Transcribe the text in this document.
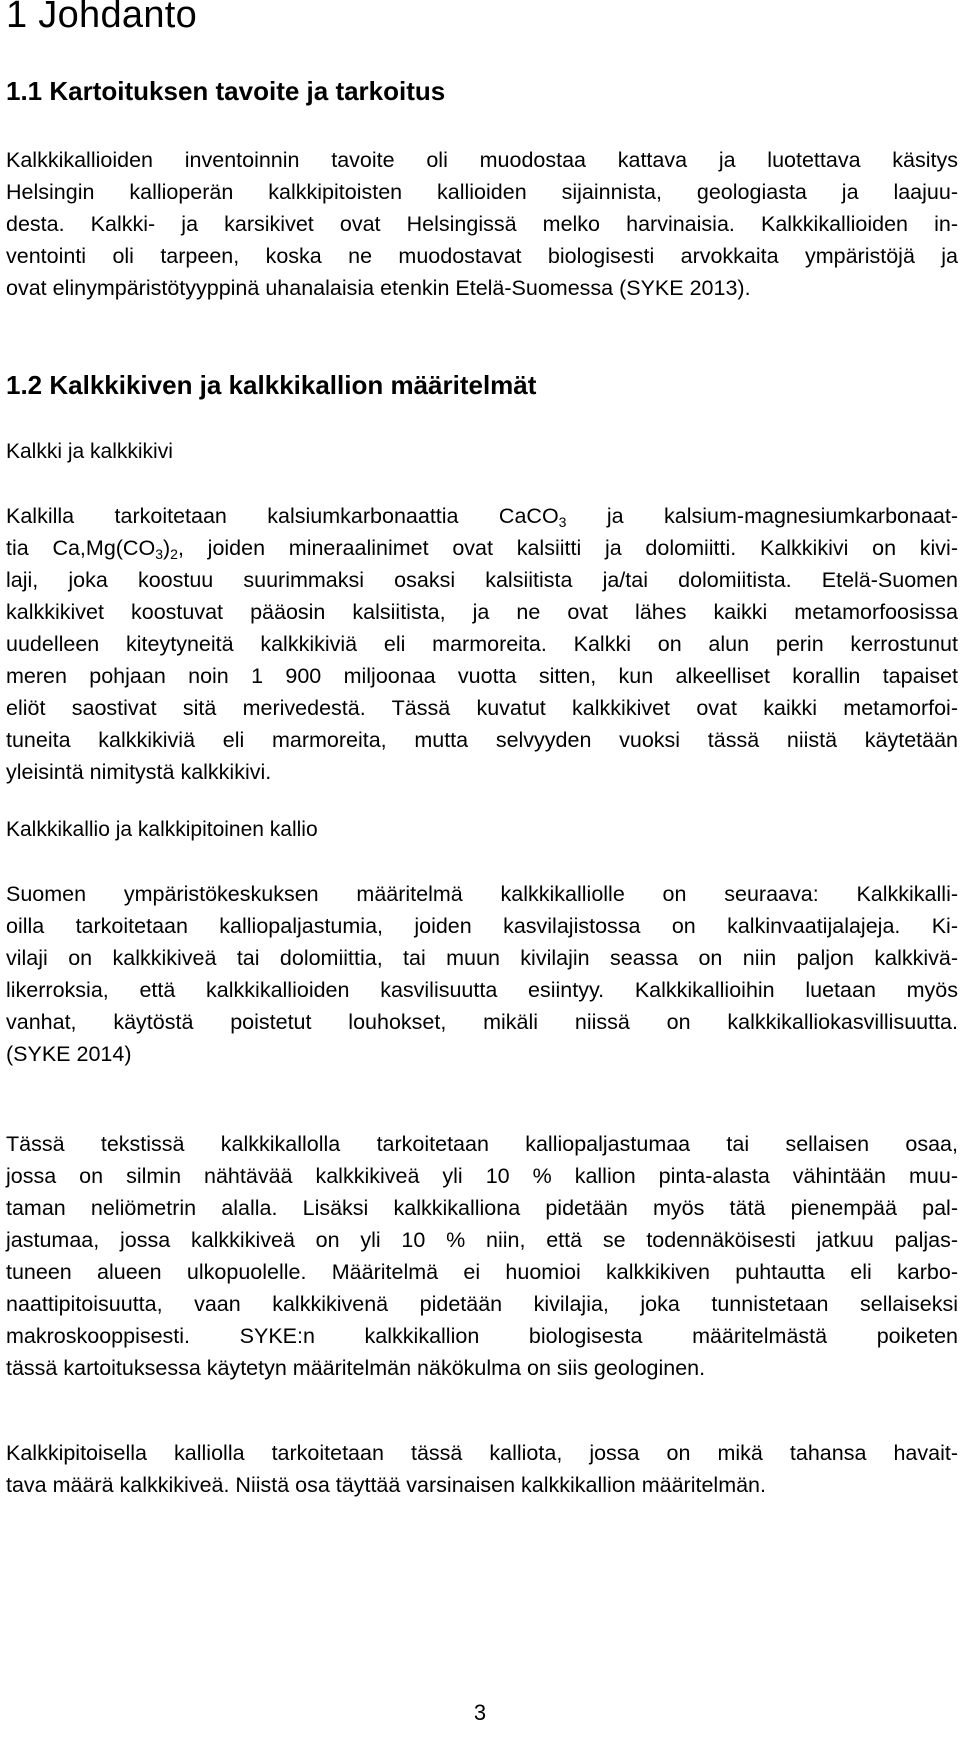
1 Johdanto
1.1 Kartoituksen tavoite ja tarkoitus
Kalkkikallioiden inventoinnin tavoite oli muodostaa kattava ja luotettava käsitys
Helsingin kallioperän kalkkipitoisten kallioiden sijainnista, geologiasta ja laajuu-
desta. Kalkki- ja karsikivet ovat Helsingissä melko harvinaisia. Kalkkikallioiden in-
ventointi oli tarpeen, koska ne muodostavat biologisesti arvokkaita ympäristöjä ja
ovat elinympäristötyyppinä uhanalaisia etenkin Etelä-Suomessa (SYKE 2013).
1.2 Kalkkikiven ja kalkkikallion määritelmät

Kalkki ja kalkkikivi

Kalkilla tarkoitetaan kalsiumkarbonaattia CaCO$_3$ ja kalsium-magnesiumkarbonaat-
tia $Ca,Mg(CO_3)_2$, joiden mineraalinimet ovat kalsiitti ja dolomiitti. Kalkkikivi on kivi-
laji, joka koostuu suurimmaksi osaksi kalsiitista ja/tai dolomiitista. Etelä-Suomen
kalkkikivet koostuvat pääosin kalsiitista, ja ne ovat lähes kaikki metamorfoosissa
uudelleen kiteytyneitä kalkkikiviä eli marmoreita. Kalkki on alun perin kerrostunut
meren pohjaan noin 1 900 miljoonaa vuotta sitten, kun alkeelliset korallin tapaiset
eliöt saostivat sitä merivedestä. Tässä kuvatut kalkkikivet ovat kaikki metamorfoi-
tuneita kalkkikiviä eli marmoreita, mutta selvyyden vuoksi tässä niistä käytetään
yleisintä nimitystä kalkkikivi.

Kalkkikallio ja kalkkipitoinen kallio

Suomen ympäristökeskuksen määritelmä kalkkikalliolle on seuraava: Kalkkikalli-
oilla tarkoitetaan kalliopaljastumia, joiden kasvilajistossa on kalkinvaatijalajeja. Ki-
vilaji on kalkkikiveä tai dolomiittia, tai muun kivilajin seassa on niin paljon kalkkivä-
likerroksia, että kalkkikallioiden kasvilisuutta esiintyy. Kalkkikallioihin luetaan myös
vanhat, käytöstä poistetut louhokset, mikäli niissä on kalkkikalliokasvillisuutta.
(SYKE 2014)
Tässä tekstissä kalkkikallolla tarkoitetaan kalliopaljastumaa tai sellaisen osaa,
jossa on silmin nähtävää kalkkikiveä yli 10 % kallion pinta-alasta vähintään muu-
taman neliömetrin alalla. Lisäksi kalkkikalliona pidetään myös tätä pienempää pal-
jastumaa, jossa kalkkikiveä on yli 10 % niin, että se todennäköisesti jatkuu paljas-
tuneen alueen ulkopuolelle. Määritelmä ei huomioi kalkkikiven puhtautta eli karbo-
naattipitoisuutta, vaan kalkkikivenä pidetään kivilajia, joka tunnistetaan sellaiseksi
makroskooppisesti. SYKE:n kalkkikallion biologisesta määritelmästä poiketen
tässä kartoituksessa käytetyn määritelmän näkökulma on siis geologinen.
Kalkkipitoisella kalliolla tarkoitetaan tässä kalliota, jossa on mikä tahansa havait-
tava määrä kalkkikiveä. Niistä osa täyttää varsinaisen kalkkikallion määritelmän.
3
